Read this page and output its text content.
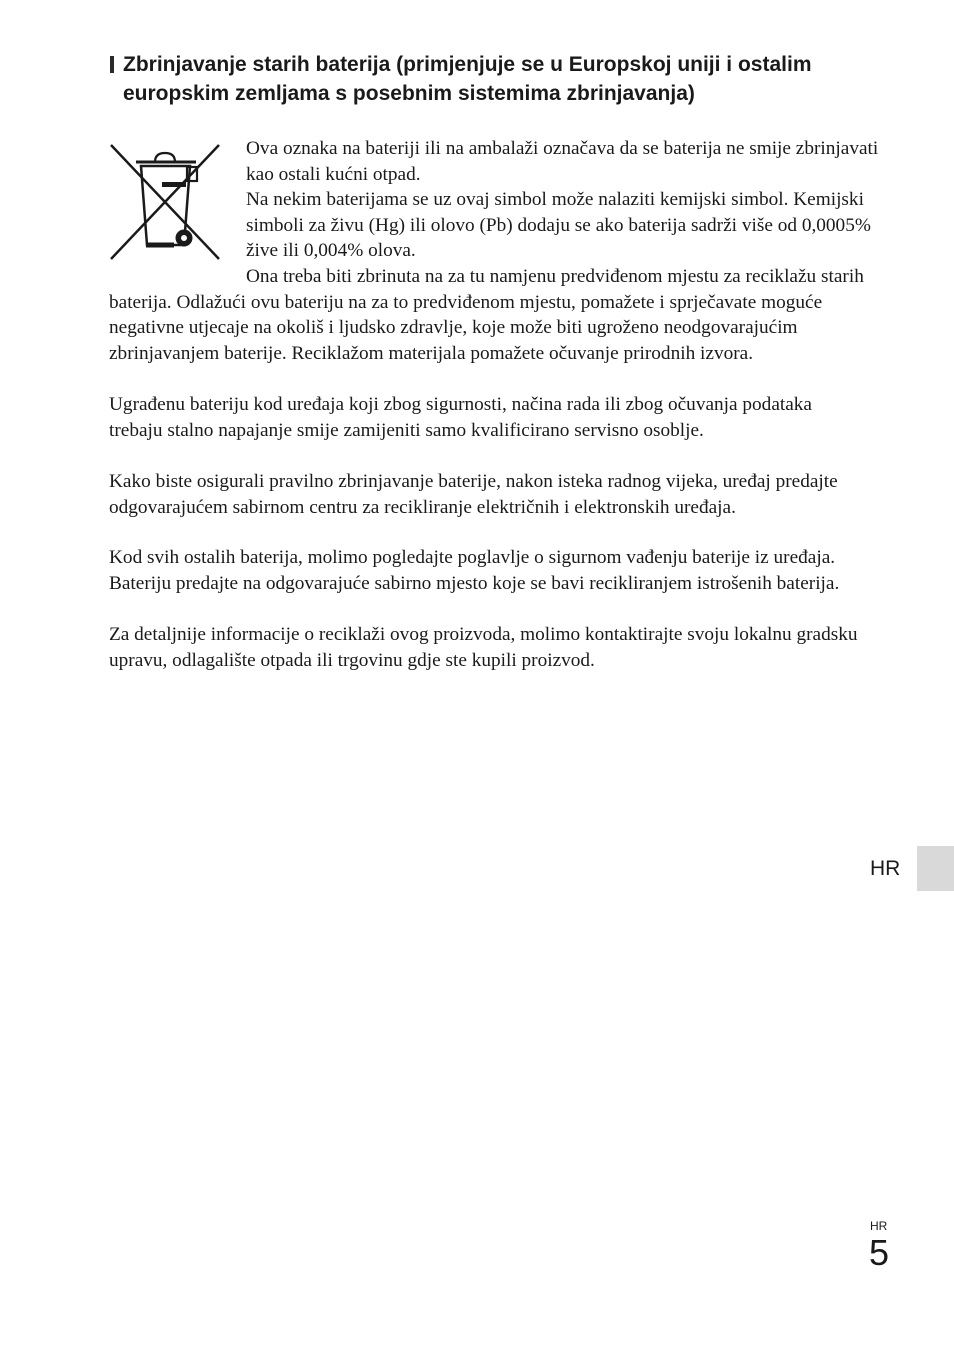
Zbrinjavanje starih baterija (primjenjuje se u Europskoj uniji i ostalim europskim zemljama s posebnim sistemima zbrinjavanja)

Ova oznaka na bateriji ili na ambalaži označava da se baterija ne smije zbrinjavati kao ostali kućni otpad.

Na nekim baterijama se uz ovaj simbol može nalaziti kemijski simbol. Kemijski simboli za živu (Hg) ili olovo (Pb) dodaju se ako baterija sadrži više od 0,0005% žive ili 0,004% olova.

Ona treba biti zbrinuta na za tu namjenu predviđenom mjestu za reciklažu starih baterija. Odlažući ovu bateriju na za to predviđenom mjestu, pomažete i sprječavate moguće negativne utjecaje na okoliš i ljudsko zdravlje, koje može biti ugroženo neodgovarajućim zbrinjavanjem baterije. Reciklažom materijala pomažete očuvanje prirodnih izvora.

Ugrađenu bateriju kod uređaja koji zbog sigurnosti, načina rada ili zbog očuvanja podataka trebaju stalno napajanje smije zamijeniti samo kvalificirano servisno osoblje.

Kako biste osigurali pravilno zbrinjavanje baterije, nakon isteka radnog vijeka, uređaj predajte odgovarajućem sabirnom centru za recikliranje električnih i elektronskih uređaja.

Kod svih ostalih baterija, molimo pogledajte poglavlje o sigurnom vađenju baterije iz uređaja. Bateriju predajte na odgovarajuće sabirno mjesto koje se bavi recikliranjem istrošenih baterija.

Za detaljnije informacije o reciklaži ovog proizvoda, molimo kontaktirajte svoju lokalnu gradsku upravu, odlagalište otpada ili trgovinu gdje ste kupili proizvod.

HR
HR
5
